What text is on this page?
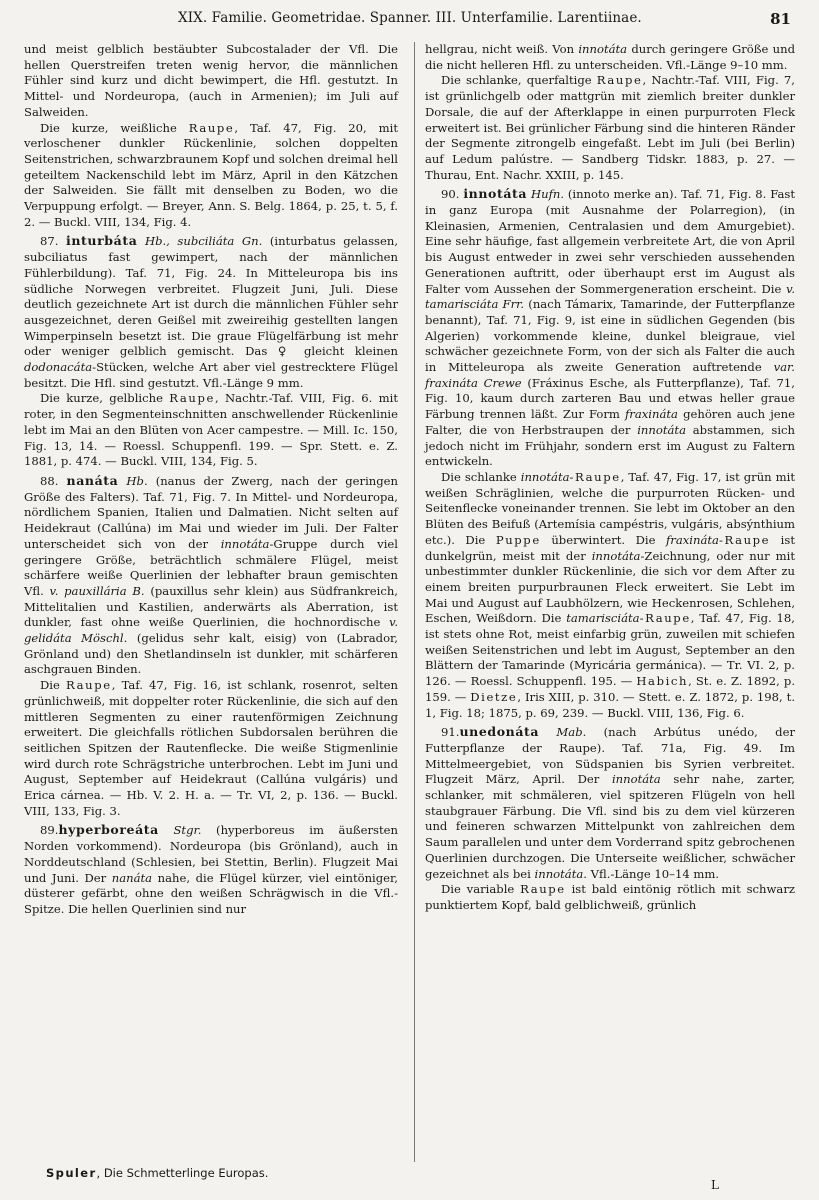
XIX. Familie. Geometridae. Spanner. III. Unterfamilie. Larentiinae.	81

und meist gelblich bestäubter Subcostalader der Vfl. Die hellen Querstreifen treten wenig hervor, die männlichen Fühler sind kurz und dicht bewimpert, die Hfl. gestutzt. In Mittel- und Nordeuropa, (auch in Armenien); im Juli auf Salweiden.

Die kurze, weißliche Raupe, Taf. 47, Fig. 20, mit verloschener dunkler Rückenlinie, solchen doppelten Seitenstrichen, schwarzbraunem Kopf und solchen dreimal hell geteiltem Nackenschild lebt im März, April in den Kätzchen der Salweiden. Sie fällt mit denselben zu Boden, wo die Verpuppung erfolgt. — Breyer, Ann. S. Belg. 1864, p. 25, t. 5, f. 2. — Buckl. VIII, 134, Fig. 4.

87. inturbáta Hb., subciliáta Gn. (inturbatus gelassen, subciliatus fast gewimpert, nach der männlichen Fühlerbildung). Taf. 71, Fig. 24. In Mitteleuropa bis ins südliche Norwegen verbreitet. Flugzeit Juni, Juli. Diese deutlich gezeichnete Art ist durch die männlichen Fühler sehr ausgezeichnet, deren Geißel mit zweireihig gestellten langen Wimperpinseln besetzt ist. Die graue Flügelfärbung ist mehr oder weniger gelblich gemischt. Das ♀ gleicht kleinen dodonacáta-Stücken, welche Art aber viel gestrecktere Flügel besitzt. Die Hfl. sind gestutzt. Vfl.-Länge 9 mm.

Die kurze, gelbliche Raupe, Nachtr.-Taf. VIII, Fig. 6. mit roter, in den Segmenteinschnitten anschwellender Rückenlinie lebt im Mai an den Blüten von Acer campestre. — Mill. Ic. 150, Fig. 13, 14. — Roessl. Schuppenfl. 199. — Spr. Stett. e. Z. 1881, p. 474. — Buckl. VIII, 134, Fig. 5.

88. nanáta Hb. (nanus der Zwerg, nach der geringen Größe des Falters). Taf. 71, Fig. 7. In Mittel- und Nordeuropa, nördlichem Spanien, Italien und Dalmatien. Nicht selten auf Heidekraut (Callúna) im Mai und wieder im Juli. Der Falter unterscheidet sich von der innotáta-Gruppe durch viel geringere Größe, beträchtlich schmälere Flügel, meist schärfere weiße Querlinien der lebhafter braun gemischten Vfl. v. pauxillária B. (pauxillus sehr klein) aus Südfrankreich, Mittelitalien und Kastilien, anderwärts als Aberration, ist dunkler, fast ohne weiße Querlinien, die hochnordische v. gelidáta Möschl. (gelidus sehr kalt, eisig) von (Labrador, Grönland und) den Shetlandinseln ist dunkler, mit schärferen aschgrauen Binden.

Die Raupe, Taf. 47, Fig. 16, ist schlank, rosenrot, selten grünlichweiß, mit doppelter roter Rückenlinie, die sich auf den mittleren Segmenten zu einer rautenförmigen Zeichnung erweitert. Die gleichfalls rötlichen Subdorsalen berühren die seitlichen Spitzen der Rautenflecke. Die weiße Stigmenlinie wird durch rote Schrägstriche unterbrochen. Lebt im Juni und August, September auf Heidekraut (Callúna vulgáris) und Erica cárnea. — Hb. V. 2. H. a. — Tr. VI, 2, p. 136. — Buckl. VIII, 133, Fig. 3.

89.hyperboreáta Stgr. (hyperboreus im äußersten Norden vorkommend). Nordeuropa (bis Grönland), auch in Norddeutschland (Schlesien, bei Stettin, Berlin). Flugzeit Mai und Juni. Der nanáta nahe, die Flügel kürzer, viel eintöniger, düsterer gefärbt, ohne den weißen Schrägwisch in die Vfl.-Spitze. Die hellen Querlinien sind nur

hellgrau, nicht weiß. Von innotáta durch geringere Größe und die nicht helleren Hfl. zu unterscheiden. Vfl.-Länge 9–10 mm.

Die schlanke, querfaltige Raupe, Nachtr.-Taf. VIII, Fig. 7, ist grünlichgelb oder mattgrün mit ziemlich breiter dunkler Dorsale, die auf der Afterklappe in einen purpurroten Fleck erweitert ist. Bei grünlicher Färbung sind die hinteren Ränder der Segmente zitrongelb eingefaßt. Lebt im Juli (bei Berlin) auf Ledum palústre. — Sandberg Tidskr. 1883, p. 27. — Thurau, Ent. Nachr. XXIII, p. 145.

90. innotáta Hufn. (innoto merke an). Taf. 71, Fig. 8. Fast in ganz Europa (mit Ausnahme der Polarregion), (in Kleinasien, Armenien, Centralasien und dem Amurgebiet). Eine sehr häufige, fast allgemein verbreitete Art, die von April bis August entweder in zwei sehr verschieden aussehenden Generationen auftritt, oder überhaupt erst im August als Falter vom Aussehen der Sommergeneration erscheint. Die v. tamarisciáta Frr. (nach Támarix, Tamarinde, der Futterpflanze benannt), Taf. 71, Fig. 9, ist eine in südlichen Gegenden (bis Algerien) vorkommende kleine, dunkel bleigraue, viel schwächer gezeichnete Form, von der sich als Falter die auch in Mitteleuropa als zweite Generation auftretende var. fraxináta Crewe (Fráxinus Esche, als Futterpflanze), Taf. 71, Fig. 10, kaum durch zarteren Bau und etwas heller graue Färbung trennen läßt. Zur Form fraxináta gehören auch jene Falter, die von Herbstraupen der innotáta abstammen, sich jedoch nicht im Frühjahr, sondern erst im August zu Faltern entwickeln.

Die schlanke innotáta-Raupe, Taf. 47, Fig. 17, ist grün mit weißen Schräglinien, welche die purpurroten Rücken- und Seitenflecke voneinander trennen. Sie lebt im Oktober an den Blüten des Beifuß (Artemísia campéstris, vulgáris, absýnthium etc.). Die Puppe überwintert. Die fraxináta-Raupe ist dunkelgrün, meist mit der innotáta-Zeichnung, oder nur mit unbestimmter dunkler Rückenlinie, die sich vor dem After zu einem breiten purpurbraunen Fleck erweitert. Sie Lebt im Mai und August auf Laubhölzern, wie Heckenrosen, Schlehen, Eschen, Weißdorn. Die tamarisciáta-Raupe, Taf. 47, Fig. 18, ist stets ohne Rot, meist einfarbig grün, zuweilen mit schiefen weißen Seitenstrichen und lebt im August, September an den Blättern der Tamarinde (Myricária germánica). — Tr. VI. 2, p. 126. — Roessl. Schuppenfl. 195. — Habich, St. e. Z. 1892, p. 159. — Dietze, Iris XIII, p. 310. — Stett. e. Z. 1872, p. 198, t. 1, Fig. 18; 1875, p. 69, 239. — Buckl. VIII, 136, Fig. 6.

91.unedonáta Mab. (nach Arbútus unédo, der Futterpflanze der Raupe). Taf. 71a, Fig. 49. Im Mittelmeergebiet, von Südspanien bis Syrien verbreitet. Flugzeit März, April. Der innotáta sehr nahe, zarter, schlanker, mit schmäleren, viel spitzeren Flügeln von hell staubgrauer Färbung. Die Vfl. sind bis zu dem viel kürzeren und feineren schwarzen Mittelpunkt von zahlreichen dem Saum parallelen und unter dem Vorderrand spitz gebrochenen Querlinien durchzogen. Die Unterseite weißlicher, schwächer gezeichnet als bei innotáta. Vfl.-Länge 10–14 mm.

Die variable Raupe ist bald eintönig rötlich mit schwarz punktiertem Kopf, bald gelblichweiß, grünlich

Spuler, Die Schmetterlinge Europas.
L
